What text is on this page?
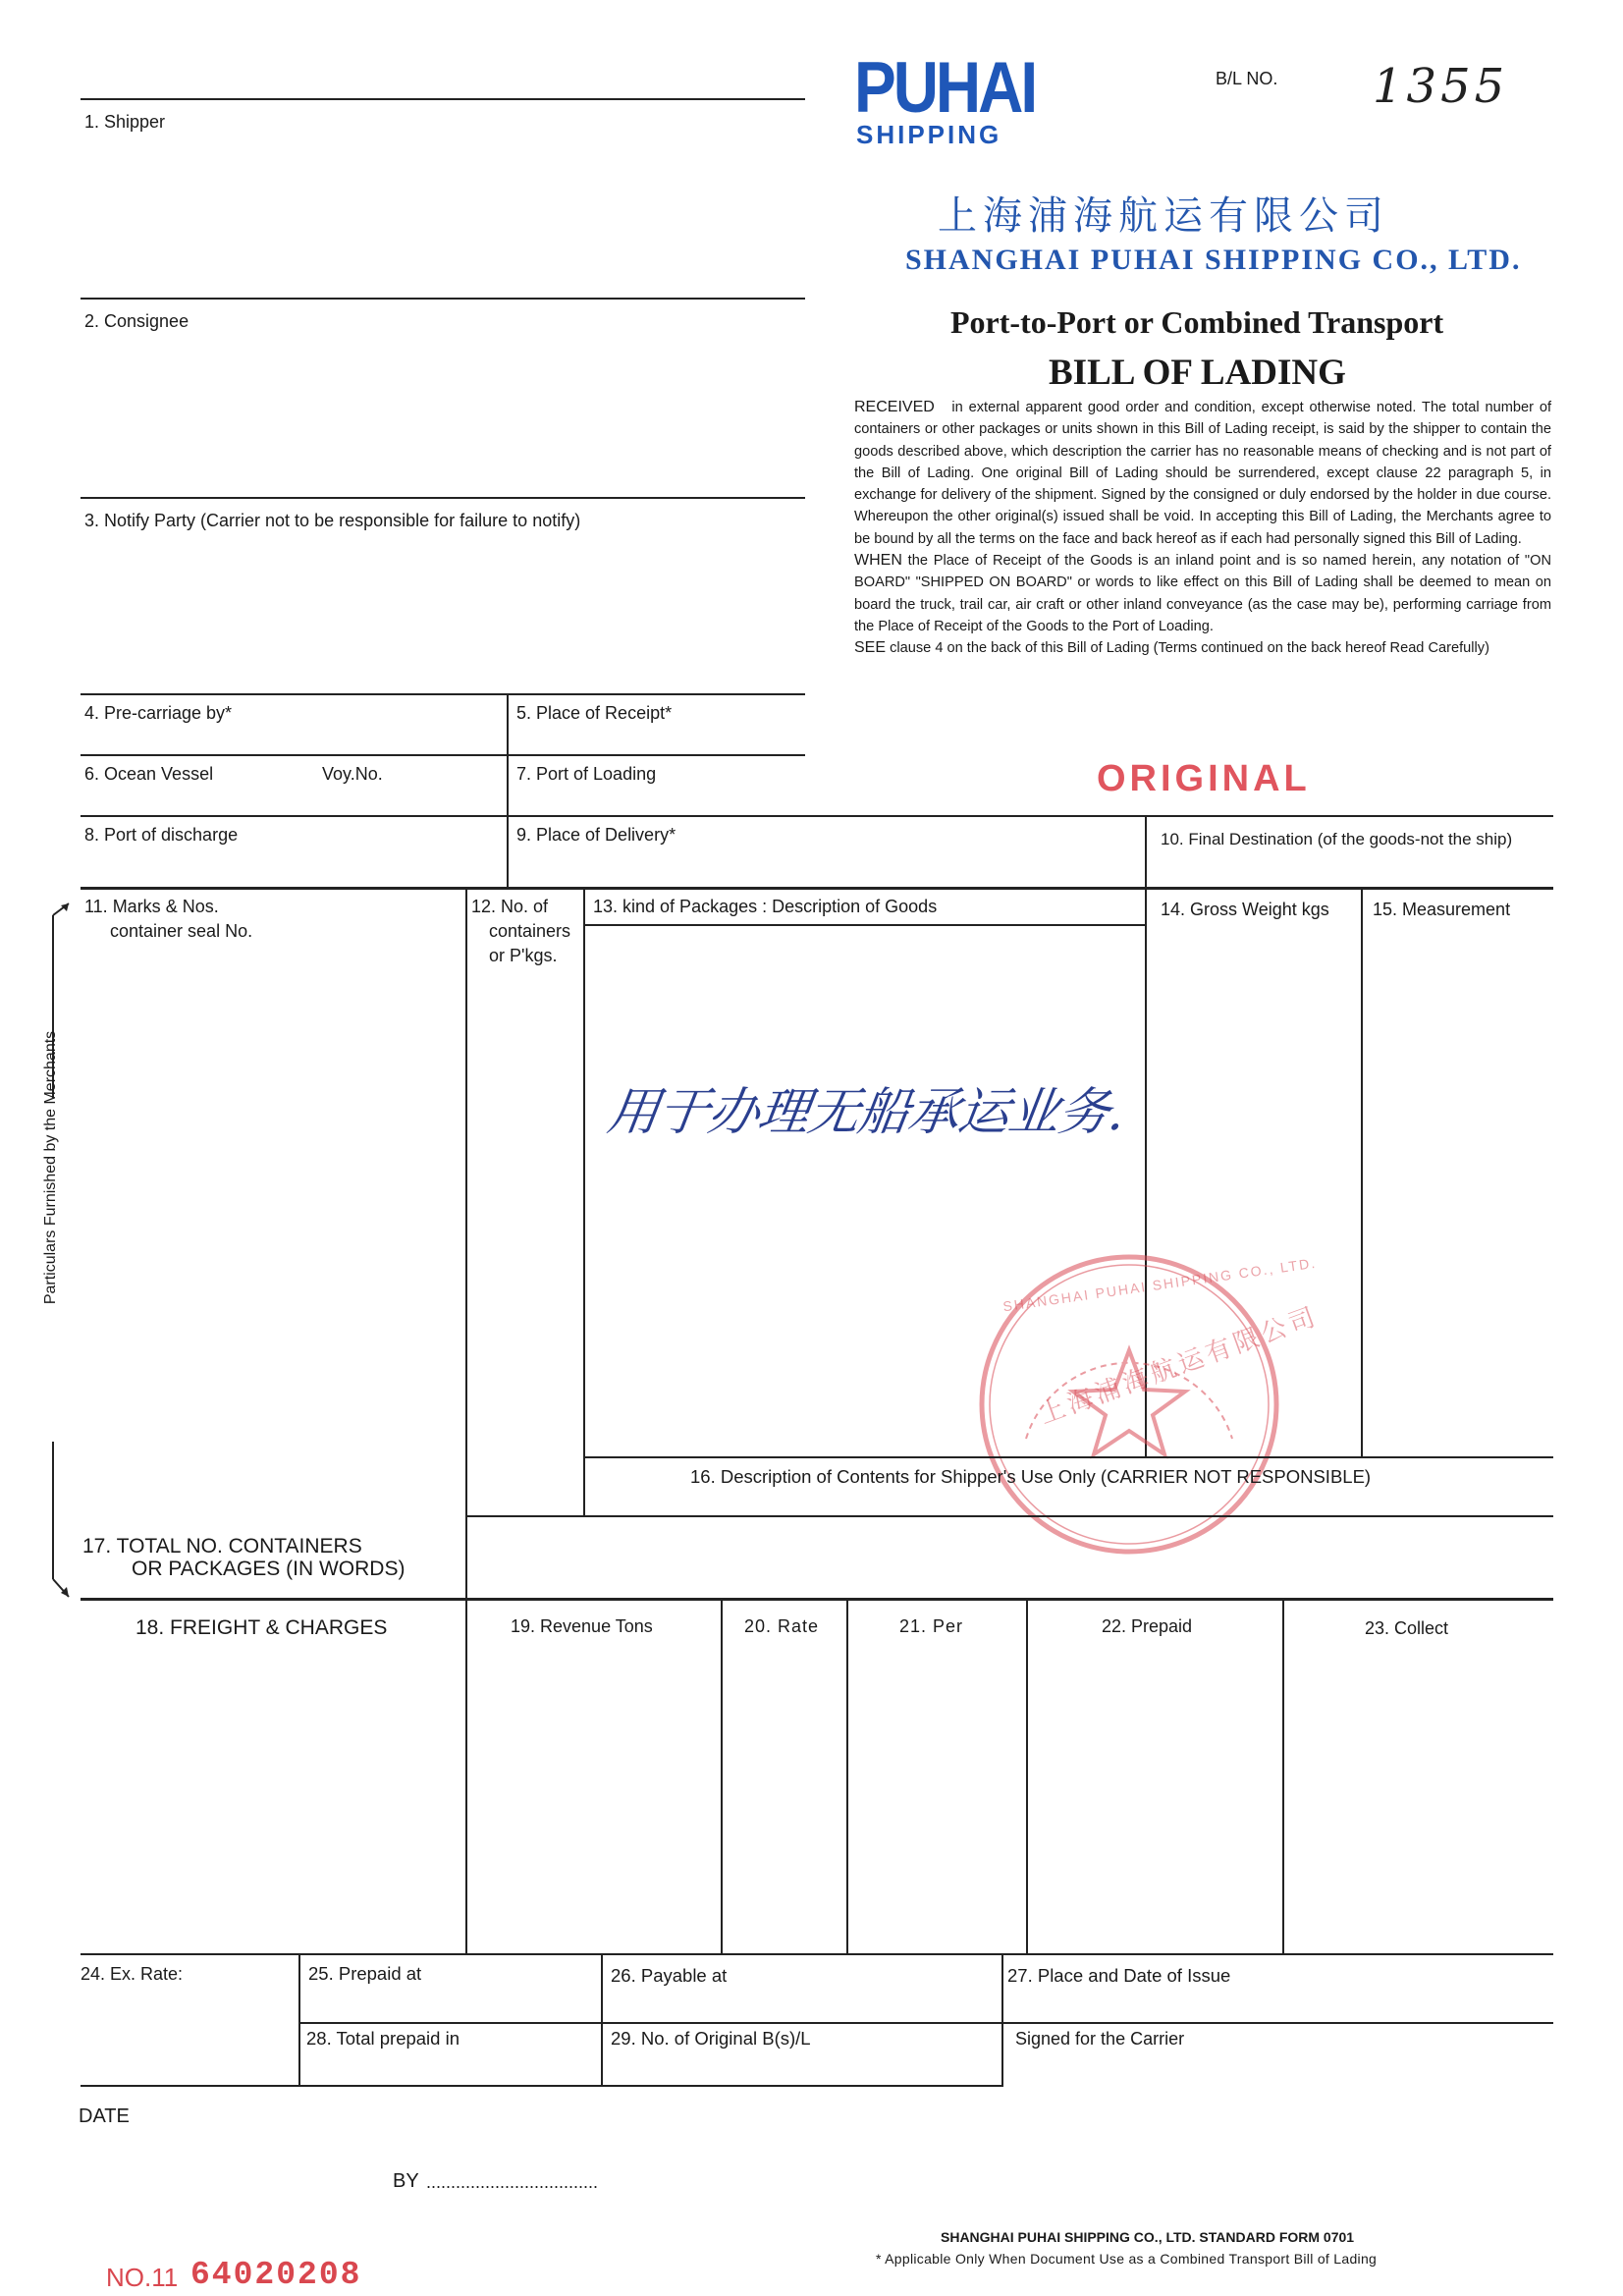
PUHAI
SHIPPING
B/L NO. 1355
上海浦海航运有限公司
SHANGHAI PUHAI SHIPPING CO., LTD.
Port-to-Port or Combined Transport
BILL OF LADING

RECEIVED in external apparent good order and condition, except otherwise noted. The total number of containers or other packages or units shown in this Bill of Lading receipt, is said by the shipper to contain the goods described above, which description the carrier has no reasonable means of checking and is not part of the Bill of Lading. One original Bill of Lading should be surrendered, except clause 22 paragraph 5, in exchange for delivery of the shipment. Signed by the consigned or duly endorsed by the holder in due course. Whereupon the other original(s) issued shall be void. In accepting this Bill of Lading, the Merchants agree to be bound by all the terms on the face and back hereof as if each had personally signed this Bill of Lading.

WHEN the Place of Receipt of the Goods is an inland point and is so named herein, any notation of "ON BOARD" "SHIPPED ON BOARD" or words to like effect on this Bill of Lading shall be deemed to mean on board the truck, trail car, air craft or other inland conveyance (as the case may be), performing carriage from the Place of Receipt of the Goods to the Port of Loading.

SEE clause 4 on the back of this Bill of Lading (Terms continued on the back hereof Read Carefully)

ORIGINAL
1. Shipper
2. Consignee
3. Notify Party (Carrier not to be responsible for failure to notify)
4. Pre-carriage by*	5. Place of Receipt*
6. Ocean Vessel	Voy.No.	7. Port of Loading
8. Port of discharge	9. Place of Delivery*	10. Final Destination (of the goods-not the ship)
11. Marks & Nos.
container seal No.
12. No. of
containers
or P'kgs.
13. kind of Packages : Description of Goods	14. Gross Weight kgs 15. Measurement
用于办理无船承运业务.
Particulars Furnished by the Merchants
上海浦海航运有限公司
SHANGHAI PUHAI SHIPPING CO., LTD.
16. Description of Contents for Shipper's Use Only (CARRIER NOT RESPONSIBLE)
17. TOTAL NO. CONTAINERS
OR PACKAGES (IN WORDS)
18. FREIGHT & CHARGES	19. Revenue Tons	20. Rate	21. Per	22. Prepaid	23. Collect
24. Ex. Rate:	25. Prepaid at	26. Payable at	27. Place and Date of Issue
28. Total prepaid in	29. No. of Original B(s)/L	Signed for the Carrier
DATE
BY ...................................
SHANGHAI PUHAI SHIPPING CO., LTD. STANDARD FORM 0701
* Applicable Only When Document Use as a Combined Transport Bill of Lading
NO.11 64020208
